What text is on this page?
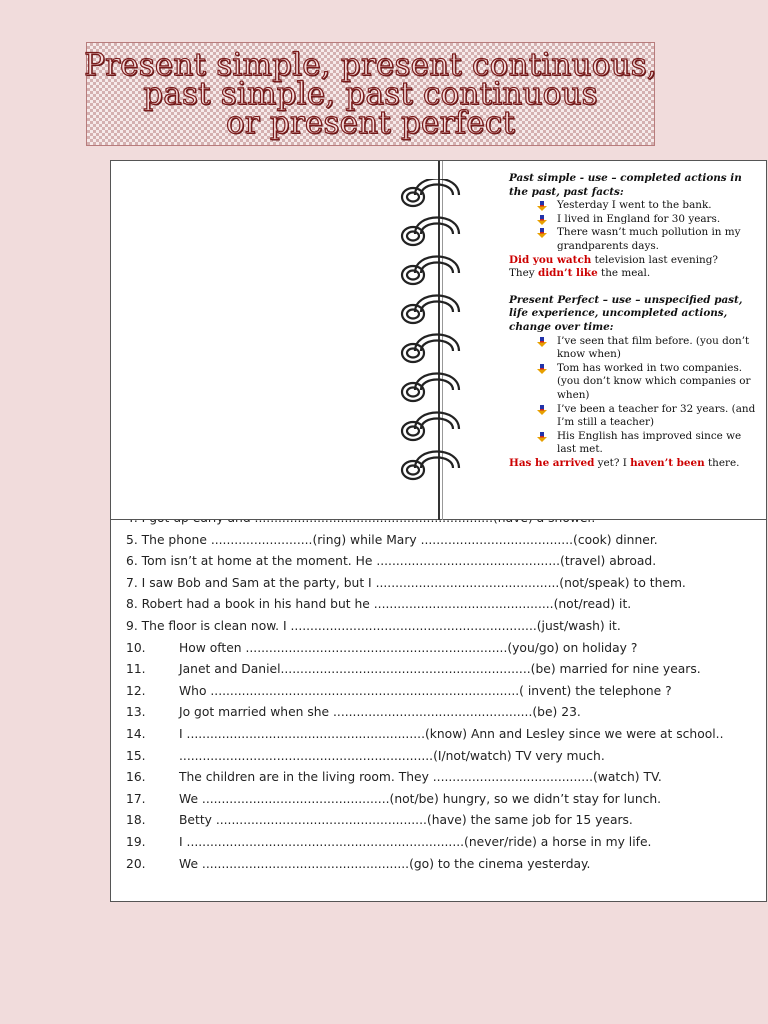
Present simple, present continuous,
past simple, past continuous
or present perfect

5.
The phone ..........................(ring) while Mary .......................................(cook) dinner.
6.
Tom isn’t at home at the moment. He ...............................................(travel) abroad.
7.
I saw Bob and Sam at the party, but I ...............................................(not/speak) to them.
8.
Robert had a book in his hand but he ..............................................(not/read) it.
9.
The floor is clean now. I ...............................................................(just/wash) it.
10.	How often ...................................................................(you/go) on holiday ?
11.	Janet and Daniel................................................................(be) married for nine years.
12.	Who ...............................................................................( invent) the telephone ?
13.	Jo got married when she ...................................................(be) 23.
14.	I .............................................................(know) Ann and Lesley since we were at school..
15.	.................................................................(I/not/watch) TV very much.
16.	The children are in the living room. They .........................................(watch) TV.
17.	We ................................................(not/be) hungry, so we didn’t stay for lunch.
18.	Betty ......................................................(have) the same job for 15 years.
19.	I .......................................................................(never/ride) a horse in my life.
20.	We .....................................................(go) to the cinema yesterday.
Past simple - use – completed actions in the past, past facts:
Yesterday I went to the bank.
I lived in England for 30 years.
There wasn’t much pollution in my grandparents days.
Did you watch television last evening?
They didn’t like the meal.
Present Perfect – use – unspecified past, life experience, uncompleted actions, change over time:
I’ve seen that film before. (you don’t know when)
Tom has worked in two companies. (you don’t know which companies or when)
I’ve been a teacher for 32 years. (and I’m still a teacher)
His English has improved since we last met.
Has he arrived yet? I haven’t been there.
